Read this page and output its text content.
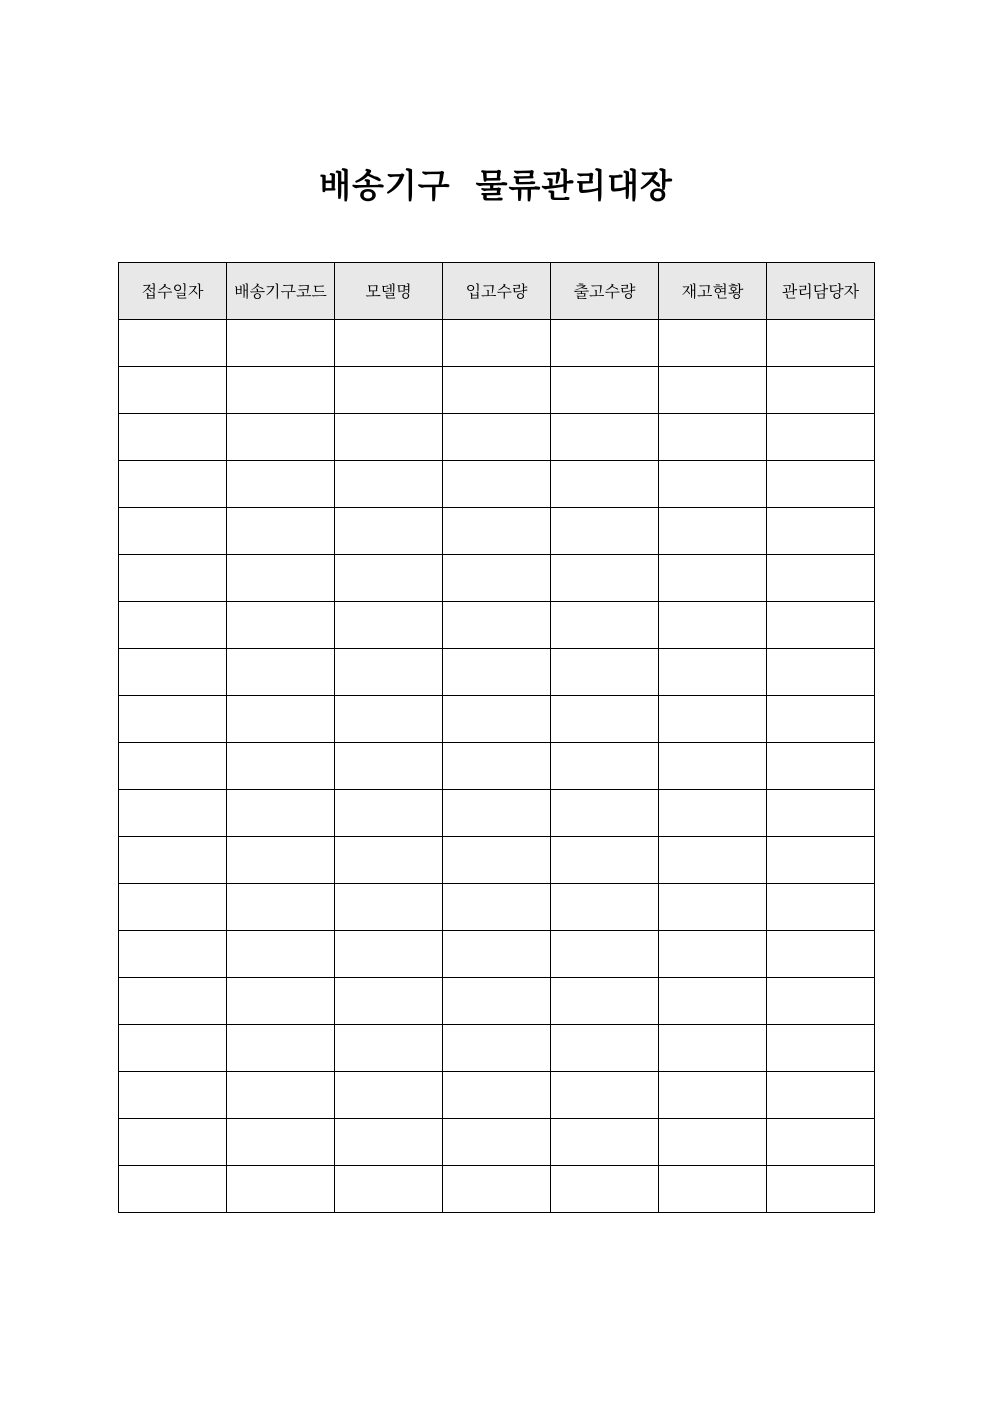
배송기구  물류관리대장
접수일자	배송기구코드	모델명	입고수량	출고수량	재고현황	관리담당자
